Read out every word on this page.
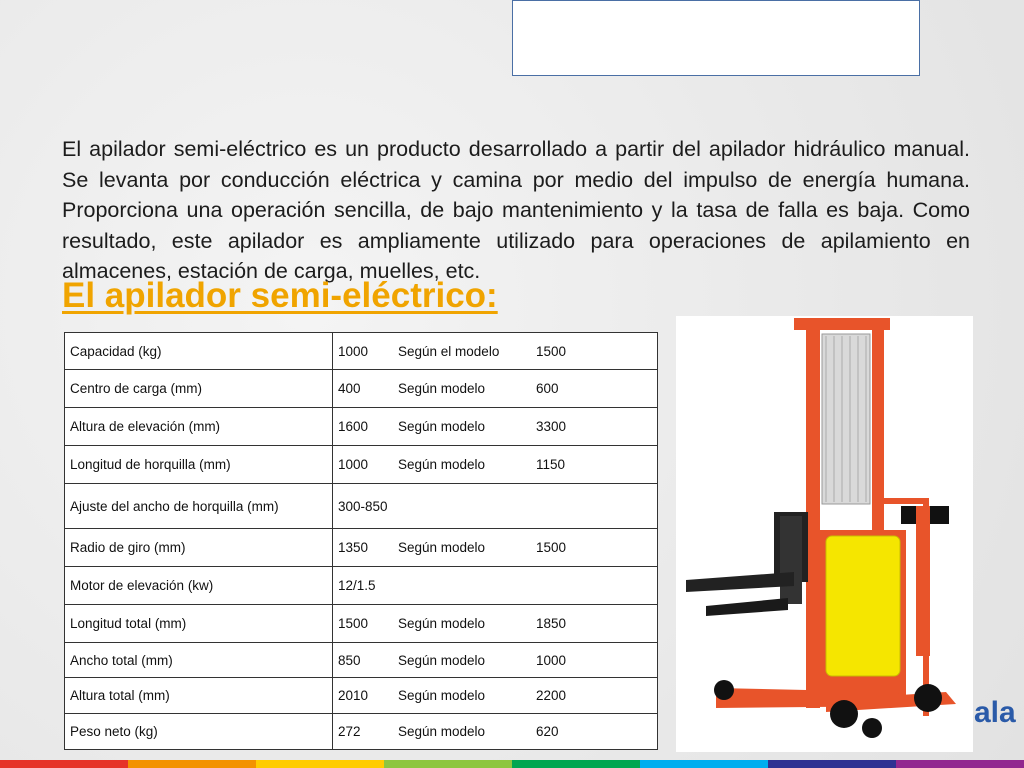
El apilador semi-eléctrico es un producto desarrollado a partir del apilador hidráulico manual. Se levanta por conducción eléctrica y camina por medio del impulso de energía humana. Proporciona una operación sencilla, de bajo mantenimiento y la tasa de falla es baja. Como resultado, este apilador es ampliamente utilizado para operaciones de apilamiento en almacenes, estación de carga, muelles, etc.

El apilador semi-eléctrico:
Capacidad (kg)	1000 Según el modelo 1500

Centro de carga (mm)	400 Según modelo 600

Altura de elevación (mm)	1600 Según modelo 3300

Longitud de horquilla (mm)	1000 Según modelo 1150

Ajuste del ancho de horquilla (mm)	300-850

Radio de giro (mm)	1350 Según modelo 1500

Motor de elevación (kw)	12/1.5

Longitud total (mm)	1500 Según modelo 1850

Ancho total (mm)	850 Según modelo 1000

Altura total (mm)	2010 Según modelo 2200

Peso neto (kg)	272 Según modelo 620
ala
